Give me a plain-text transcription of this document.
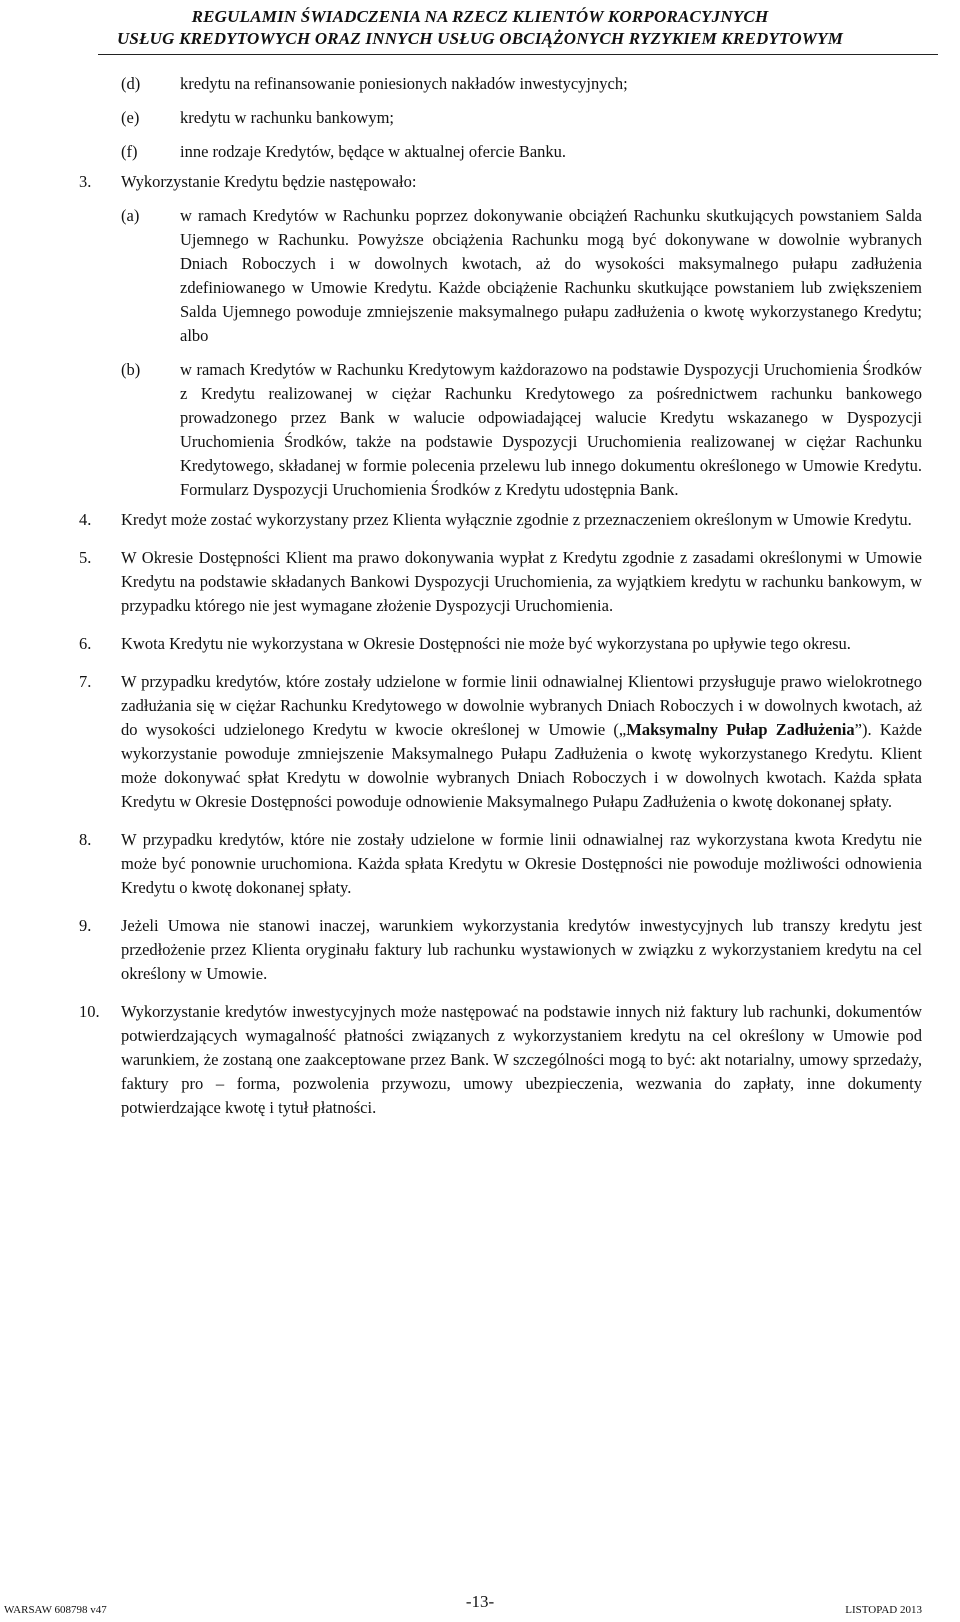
REGULAMIN ŚWIADCZENIA NA RZECZ KLIENTÓW KORPORACYJNYCH
USŁUG KREDYTOWYCH ORAZ INNYCH USŁUG OBCIĄŻONYCH RYZYKIEM KREDYTOWYM
(d) kredytu na refinansowanie poniesionych nakładów inwestycyjnych;
(e) kredytu w rachunku bankowym;
(f)	inne rodzaje Kredytów, będące w aktualnej ofercie Banku.
3. Wykorzystanie Kredytu będzie następowało:
(a) w ramach Kredytów w Rachunku poprzez dokonywanie obciążeń Rachunku skutkujących powstaniem Salda Ujemnego w Rachunku. Powyższe obciążenia Rachunku mogą być dokonywane w dowolnie wybranych Dniach Roboczych i w dowolnych kwotach, aż do wysokości maksymalnego pułapu zadłużenia zdefiniowanego w Umowie Kredytu. Każde obciążenie Rachunku skutkujące powstaniem lub zwiększeniem Salda Ujemnego powoduje zmniejszenie maksymalnego pułapu zadłużenia o kwotę wykorzystanego Kredytu; albo
(b) w ramach Kredytów w Rachunku Kredytowym każdorazowo na podstawie Dyspozycji Uruchomienia Środków z Kredytu realizowanej w ciężar Rachunku Kredytowego za pośrednictwem rachunku bankowego prowadzonego przez Bank w walucie odpowiadającej walucie Kredytu wskazanego w Dyspozycji Uruchomienia Środków, także na podstawie Dyspozycji Uruchomienia realizowanej w ciężar Rachunku Kredytowego, składanej w formie polecenia przelewu lub innego dokumentu określonego w Umowie Kredytu. Formularz Dyspozycji Uruchomienia Środków z Kredytu udostępnia Bank.
4. Kredyt może zostać wykorzystany przez Klienta wyłącznie zgodnie z przeznaczeniem określonym w Umowie Kredytu.
5. W Okresie Dostępności Klient ma prawo dokonywania wypłat z Kredytu zgodnie z zasadami określonymi w Umowie Kredytu na podstawie składanych Bankowi Dyspozycji Uruchomienia, za wyjątkiem kredytu w rachunku bankowym, w przypadku którego nie jest wymagane złożenie Dyspozycji Uruchomienia.
6. Kwota Kredytu nie wykorzystana w Okresie Dostępności nie może być wykorzystana po upływie tego okresu.
7. W przypadku kredytów, które zostały udzielone w formie linii odnawialnej Klientowi przysługuje prawo wielokrotnego zadłużania się w ciężar Rachunku Kredytowego w dowolnie wybranych Dniach Roboczych i w dowolnych kwotach, aż do wysokości udzielonego Kredytu w kwocie określonej w Umowie („Maksymalny Pułap Zadłużenia”). Każde wykorzystanie powoduje zmniejszenie Maksymalnego Pułapu Zadłużenia o kwotę wykorzystanego Kredytu. Klient może dokonywać spłat Kredytu w dowolnie wybranych Dniach Roboczych i w dowolnych kwotach. Każda spłata Kredytu w Okresie Dostępności powoduje odnowienie Maksymalnego Pułapu Zadłużenia o kwotę dokonanej spłaty.
8. W przypadku kredytów, które nie zostały udzielone w formie linii odnawialnej raz wykorzystana kwota Kredytu nie może być ponownie uruchomiona. Każda spłata Kredytu w Okresie Dostępności nie powoduje możliwości odnowienia Kredytu o kwotę dokonanej spłaty.
9. Jeżeli Umowa nie stanowi inaczej, warunkiem wykorzystania kredytów inwestycyjnych lub transzy kredytu jest przedłożenie przez Klienta oryginału faktury lub rachunku wystawionych w związku z wykorzystaniem kredytu na cel określony w Umowie.
10. Wykorzystanie kredytów inwestycyjnych może następować na podstawie innych niż faktury lub rachunki, dokumentów potwierdzających wymagalność płatności związanych z wykorzystaniem kredytu na cel określony w Umowie pod warunkiem, że zostaną one zaakceptowane przez Bank. W szczególności mogą to być: akt notarialny, umowy sprzedaży, faktury pro – forma, pozwolenia przywozu, umowy ubezpieczenia, wezwania do zapłaty, inne dokumenty potwierdzające kwotę i tytuł płatności.
WARSAW 608798 v47	-13-	LISTOPAD 2013
